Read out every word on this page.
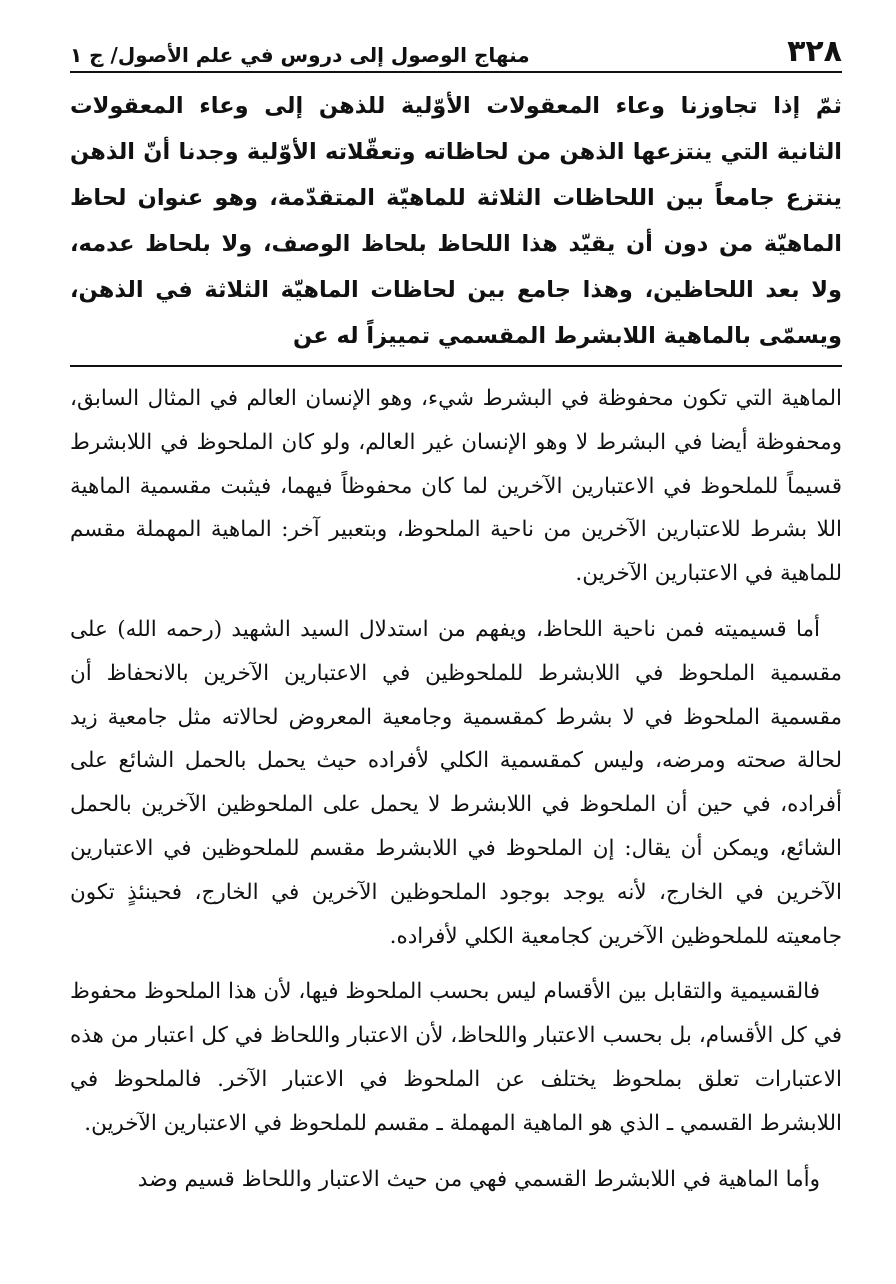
٣٢٨
منهاج الوصول إلى دروس في علم الأصول/ ج ١

ثمّ إذا تجاوزنا وعاء المعقولات الأوّلية للذهن إلى وعاء المعقولات الثانية التي ينتزعها الذهن من لحاظاته وتعقّلاته الأوّلية وجدنا أنّ الذهن ينتزع جامعاً بين اللحاظات الثلاثة للماهيّة المتقدّمة، وهو عنوان لحاظ الماهيّة من دون أن يقيّد هذا اللحاظ بلحاظ الوصف، ولا بلحاظ عدمه، ولا بعد اللحاظين، وهذا جامع بين لحاظات الماهيّة الثلاثة في الذهن، ويسمّى بالماهية اللابشرط المقسمي تمييزاً له عن

الماهية التي تكون محفوظة في البشرط شيء، وهو الإنسان العالم في المثال السابق، ومحفوظة أيضا في البشرط لا وهو الإنسان غير العالم، ولو كان الملحوظ في اللابشرط قسيماً للملحوظ في الاعتبارين الآخرين لما كان محفوظاً فيهما، فيثبت مقسمية الماهية اللا بشرط للاعتبارين الآخرين من ناحية الملحوظ، وبتعبير آخر: الماهية المهملة مقسم للماهية في الاعتبارين الآخرين.

أما قسيميته فمن ناحية اللحاظ، ويفهم من استدلال السيد الشهيد (رحمه الله) على مقسمية الملحوظ في اللابشرط للملحوظين في الاعتبارين الآخرين بالانحفاظ أن مقسمية الملحوظ في لا بشرط كمقسمية وجامعية المعروض لحالاته مثل جامعية زيد لحالة صحته ومرضه، وليس كمقسمية الكلي لأفراده حيث يحمل بالحمل الشائع على أفراده، في حين أن الملحوظ في اللابشرط لا يحمل على الملحوظين الآخرين بالحمل الشائع، ويمكن أن يقال: إن الملحوظ في اللابشرط مقسم للملحوظين في الاعتبارين الآخرين في الخارج، لأنه يوجد بوجود الملحوظين الآخرين في الخارج، فحينئذٍ تكون جامعيته للملحوظين الآخرين كجامعية الكلي لأفراده.

فالقسيمية والتقابل بين الأقسام ليس بحسب الملحوظ فيها، لأن هذا الملحوظ محفوظ في كل الأقسام، بل بحسب الاعتبار واللحاظ، لأن الاعتبار واللحاظ في كل اعتبار من هذه الاعتبارات تعلق بملحوظ يختلف عن الملحوظ في الاعتبار الآخر. فالملحوظ في اللابشرط القسمي ـ الذي هو الماهية المهملة ـ مقسم للملحوظ في الاعتبارين الآخرين.

وأما الماهية في اللابشرط القسمي فهي من حيث الاعتبار واللحاظ قسيم وضد
